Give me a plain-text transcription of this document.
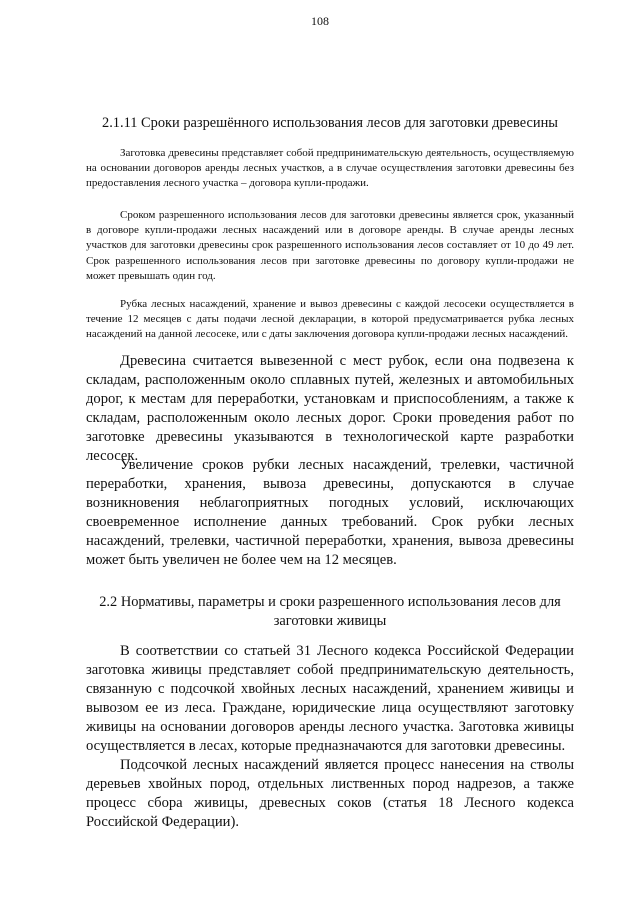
108

2.1.11 Сроки разрешённого использования лесов для заготовки древесины

Заготовка древесины представляет собой предпринимательскую деятельность, осуществляемую на основании договоров аренды лесных участков, а в случае осуществления заготовки древесины без предоставления лесного участка – договора купли-продажи.

Сроком разрешенного использования лесов для заготовки древесины является срок, указанный в договоре купли-продажи лесных насаждений или в договоре аренды. В случае аренды лесных участков для заготовки древесины срок разрешенного использования лесов составляет от 10 до 49 лет. Срок разрешенного использования лесов при заготовке древесины по договору купли-продажи не может превышать один год.

Рубка лесных насаждений, хранение и вывоз древесины с каждой лесосеки осуществляется в течение 12 месяцев с даты подачи лесной декларации, в которой предусматривается рубка лесных насаждений на данной лесосеке, или с даты заключения договора купли-продажи лесных насаждений.

Древесина считается вывезенной с мест рубок, если она подвезена к складам, расположенным около сплавных путей, железных и автомобильных дорог, к местам для переработки, установкам и приспособлениям, а также к складам, расположенным около лесных дорог. Сроки проведения работ по заготовке древесины указываются в технологической карте разработки лесосек.

Увеличение сроков рубки лесных насаждений, трелевки, частичной переработки, хранения, вывоза древесины, допускаются в случае возникновения неблагоприятных погодных условий, исключающих своевременное исполнение данных требований. Срок рубки лесных насаждений, трелевки, частичной переработки, хранения, вывоза древесины может быть увеличен не более чем на 12 месяцев.

2.2 Нормативы, параметры и сроки разрешенного использования лесов для заготовки живицы

В соответствии со статьей 31 Лесного кодекса Российской Федерации заготовка живицы представляет собой предпринимательскую деятельность, связанную с подсочкой хвойных лесных насаждений, хранением живицы и вывозом ее из леса. Граждане, юридические лица осуществляют заготовку живицы на основании договоров аренды лесного участка. Заготовка живицы осуществляется в лесах, которые предназначаются для заготовки древесины.

Подсочкой лесных насаждений является процесс нанесения на стволы деревьев хвойных пород, отдельных лиственных пород надрезов, а также процесс сбора живицы, древесных соков (статья 18 Лесного кодекса Российской Федерации).
